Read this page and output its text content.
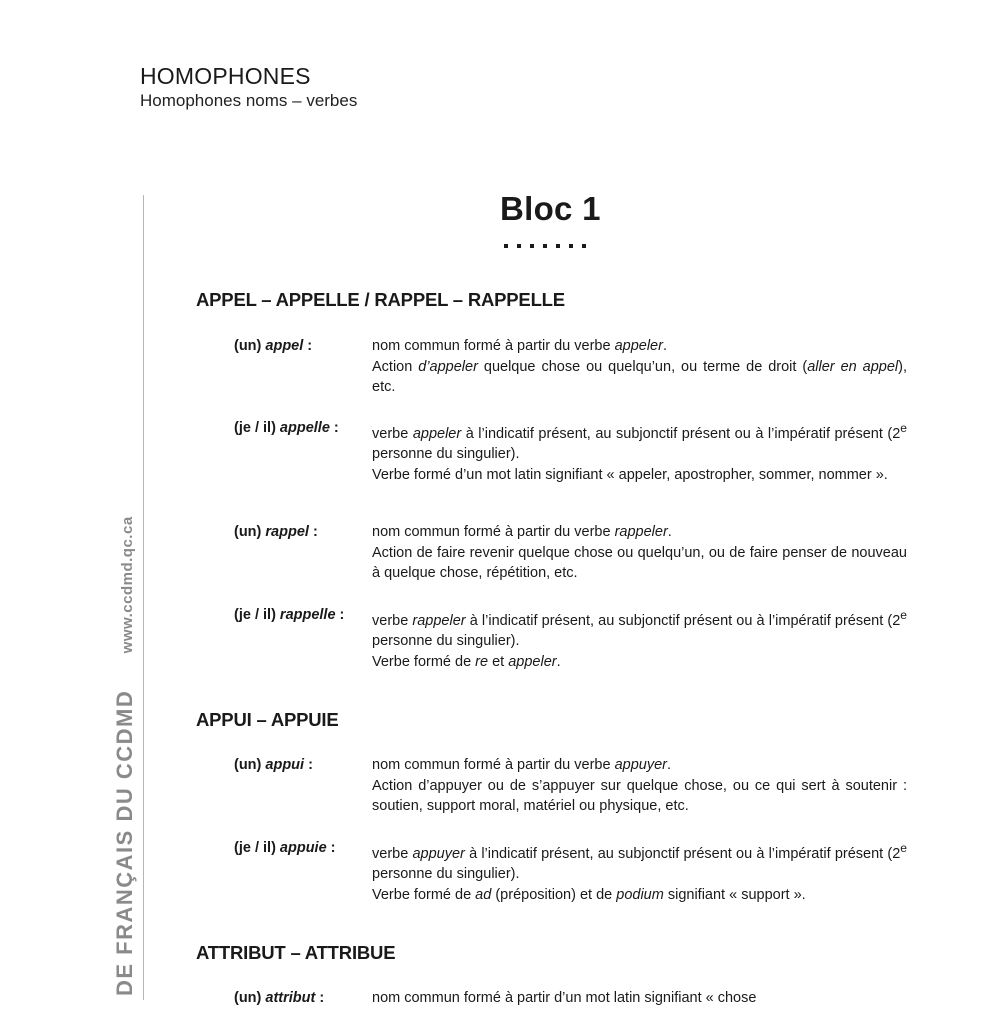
HOMOPHONES
Homophones noms – verbes
DE FRANÇAIS DU CCDMD www.ccdmd.qc.ca
Bloc 1
APPEL – APPELLE / RAPPEL – RAPPELLE
(un) appel :	nom commun formé à partir du verbe appeler.

Action d’appeler quelque chose ou quelqu’un, ou terme de droit (aller en appel), etc.

(je / il) appelle :	verbe appeler à l’indicatif présent, au subjonctif présent ou à l’impératif présent (2e personne du singulier).

Verbe formé d’un mot latin signifiant « appeler, apostropher, sommer, nommer ».

(un) rappel :	nom commun formé à partir du verbe rappeler.

Action de faire revenir quelque chose ou quelqu’un, ou de faire penser de nouveau à quelque chose, répétition, etc.

(je / il) rappelle :	verbe rappeler à l’indicatif présent, au subjonctif présent ou à l’impératif présent (2e personne du singulier).

Verbe formé de re et appeler.

APPUI – APPUIE
(un) appui :	nom commun formé à partir du verbe appuyer.

Action d’appuyer ou de s’appuyer sur quelque chose, ou ce qui sert à soutenir : soutien, support moral, matériel ou physique, etc.

(je / il) appuie :	verbe appuyer à l’indicatif présent, au subjonctif présent ou à l’impératif présent (2e personne du singulier).

Verbe formé de ad (préposition) et de podium signifiant « support ».

ATTRIBUT – ATTRIBUE
(un) attribut :	nom commun formé à partir d’un mot latin signifiant « chose
